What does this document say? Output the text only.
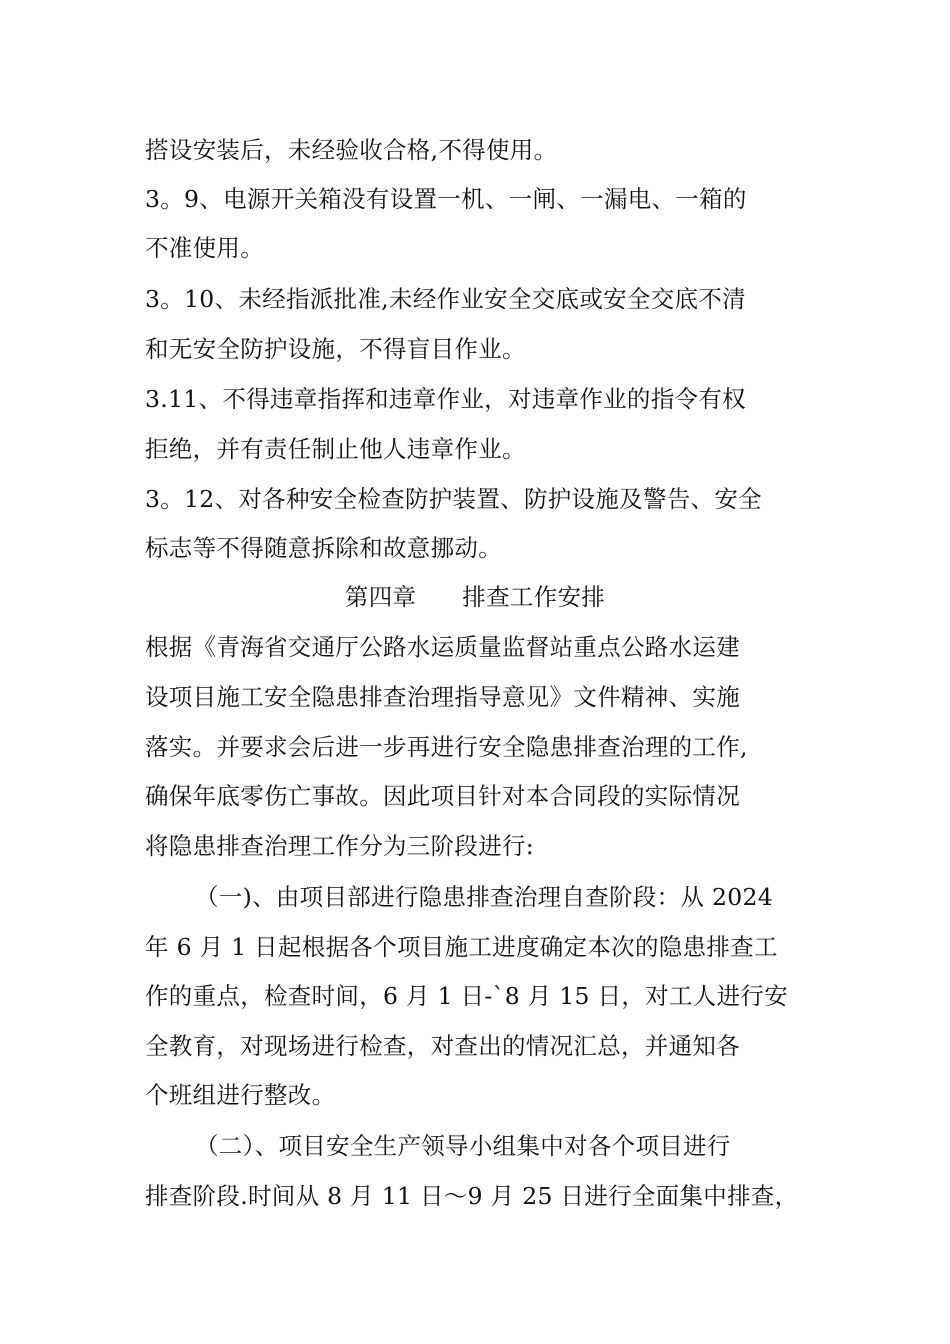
搭设安装后，未经验收合格,不得使用。
3。9、电源开关箱没有设置一机、一闸、一漏电、一箱的
不准使用。
3。10、未经指派批准,未经作业安全交底或安全交底不清
和无安全防护设施，不得盲目作业。
3.11、不得违章指挥和违章作业，对违章作业的指令有权
拒绝，并有责任制止他人违章作业。
3。12、对各种安全检查防护装置、防护设施及警告、安全
标志等不得随意拆除和故意挪动。
第四章 排查工作安排
根据《青海省交通厅公路水运质量监督站重点公路水运建
设项目施工安全隐患排查治理指导意见》文件精神、实施
落实。并要求会后进一步再进行安全隐患排查治理的工作,
确保年底零伤亡事故。因此项目针对本合同段的实际情况
将隐患排查治理工作分为三阶段进行:
（一)、由项目部进行隐患排查治理自查阶段：从 2024
年 6 月 1 日起根据各个项目施工进度确定本次的隐患排查工
作的重点，检查时间，6 月 1 日-`8 月 15 日，对工人进行安
全教育，对现场进行检查，对查出的情况汇总，并通知各
个班组进行整改。
（二）、项目安全生产领导小组集中对各个项目进行
排查阶段.时间从 8 月 11 日～9 月 25 日进行全面集中排查，
